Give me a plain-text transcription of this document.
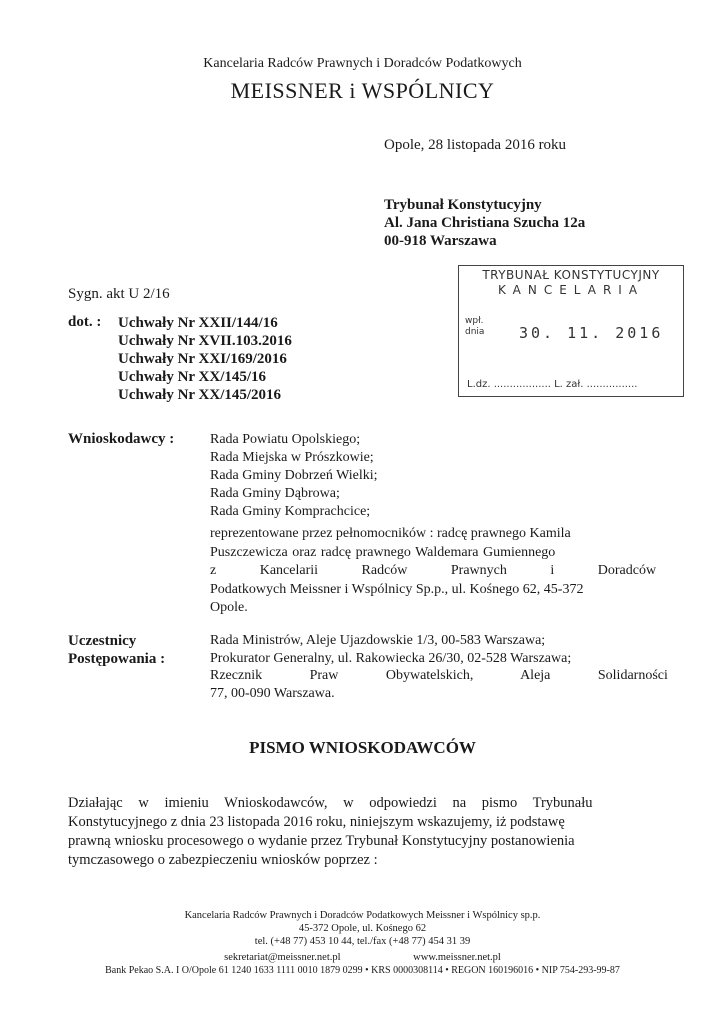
Kancelaria Radców Prawnych i Doradców Podatkowych
MEISSNER i WSPÓLNICY
Opole, 28 listopada 2016 roku
Trybunał Konstytucyjny
Al. Jana Christiana Szucha 12a
00-918 Warszawa
TRYBUNAŁ KONSTYTUCYJNY
KANCELARIA
wpł. dnia	30. 11. 2016
L.dz. .................. L. zał. ................
Sygn. akt U 2/16
dot. : Uchwały Nr XXII/144/16
Uchwały Nr XVII.103.2016
Uchwały Nr XXI/169/2016
Uchwały Nr XX/145/16
Uchwały Nr XX/145/2016
Wnioskodawcy :	Rada Powiatu Opolskiego;
Rada Miejska w Prószkowie;
Rada Gminy Dobrzeń Wielki;
Rada Gminy Dąbrowa;
Rada Gminy Komprachcice;
reprezentowane przez pełnomocników : radcę prawnego Kamila
Puszczewicza oraz radcę prawnego Waldemara Gumiennego
z Kancelarii Radców Prawnych i Doradców
Podatkowych Meissner i Wspólnicy Sp.p., ul. Kośnego 62, 45-372
Opole.
Uczestnicy
Postępowania :
Rada Ministrów, Aleje Ujazdowskie 1/3, 00-583 Warszawa;
Prokurator Generalny, ul. Rakowiecka 26/30, 02-528 Warszawa;
Rzecznik Praw Obywatelskich, Aleja Solidarności
77, 00-090 Warszawa.
PISMO WNIOSKODAWCÓW
Działając w imieniu Wnioskodawców, w odpowiedzi na pismo Trybunału
Konstytucyjnego z dnia 23 listopada 2016 roku, niniejszym wskazujemy, iż podstawę
prawną wniosku procesowego o wydanie przez Trybunał Konstytucyjny postanowienia
tymczasowego o zabezpieczeniu wniosków poprzez :
Kancelaria Radców Prawnych i Doradców Podatkowych Meissner i Wspólnicy sp.p.
45-372 Opole, ul. Kośnego 62
tel. (+48 77) 453 10 44, tel./fax (+48 77) 454 31 39
sekretariat@meissner.net.pl	www.meissner.net.pl
Bank Pekao S.A. I O/Opole 61 1240 1633 1111 0010 1879 0299 • KRS 0000308114 • REGON 160196016 • NIP 754-293-99-87
